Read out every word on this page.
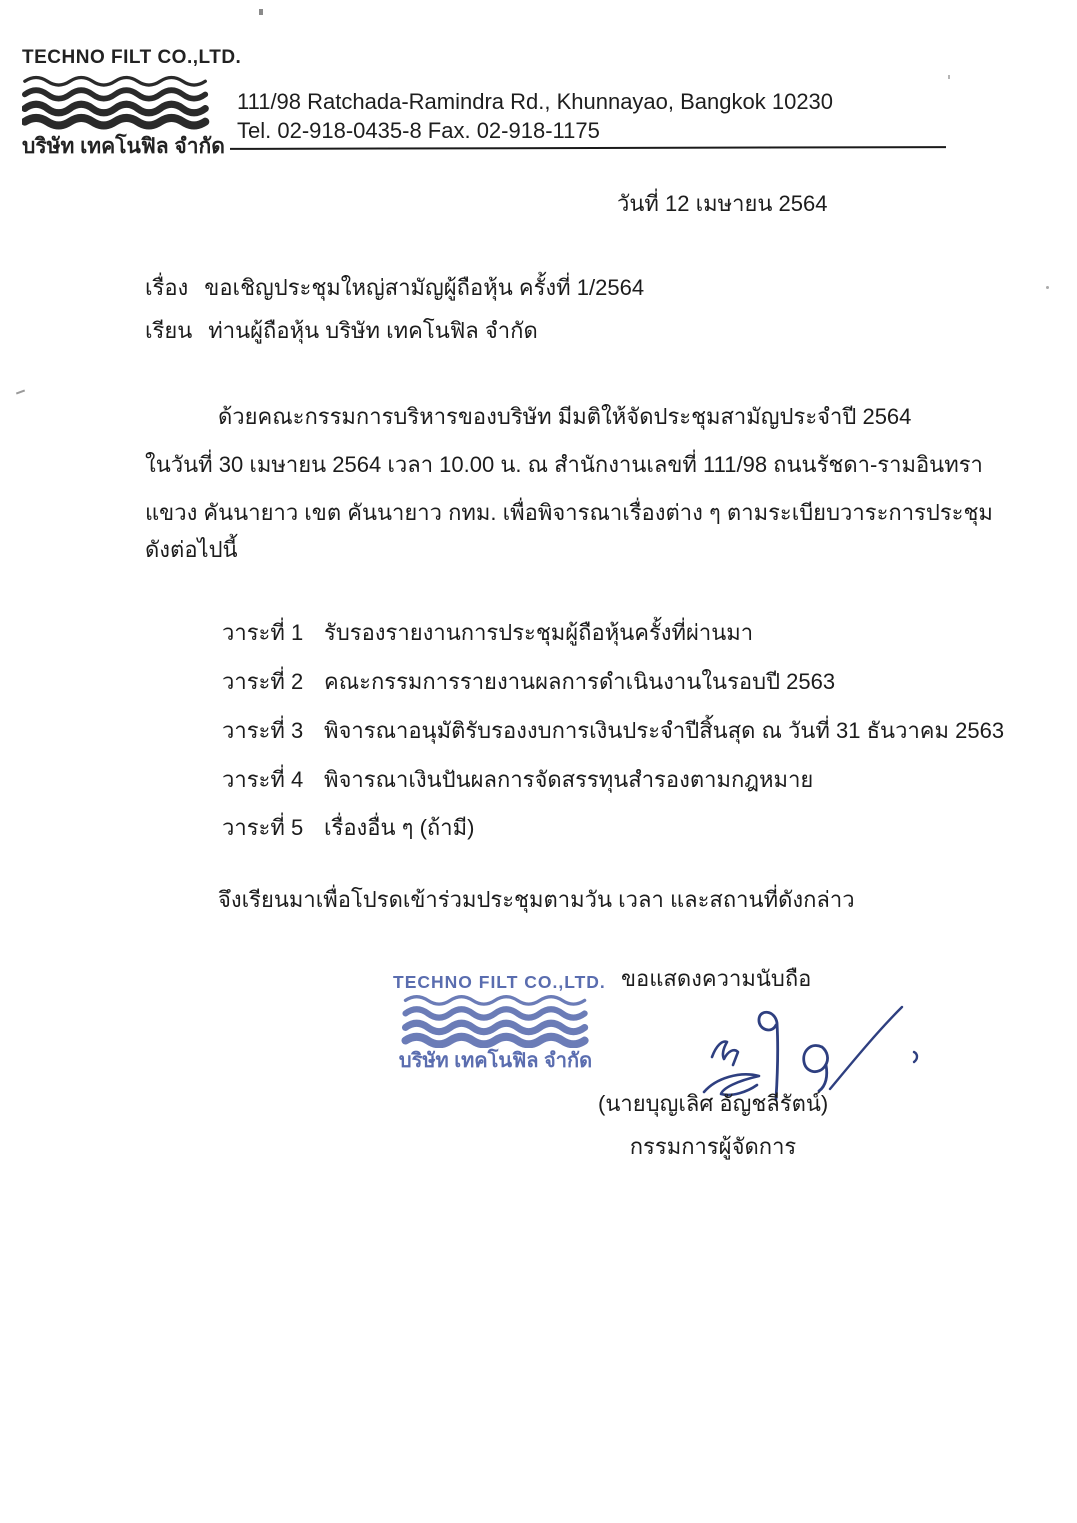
TECHNO FILT CO.,LTD.
บริษัท เทคโนฟิล จำกัด
111/98 Ratchada-Ramindra Rd., Khunnayao, Bangkok 10230
Tel. 02-918-0435-8 Fax. 02-918-1175
วันที่ 12 เมษายน 2564
เรื่อง ขอเชิญประชุมใหญ่สามัญผู้ถือหุ้น ครั้งที่ 1/2564
เรียน ท่านผู้ถือหุ้น บริษัท เทคโนฟิล จำกัด
ด้วยคณะกรรมการบริหารของบริษัท มีมติให้จัดประชุมสามัญประจำปี 2564
ในวันที่ 30 เมษายน 2564 เวลา 10.00 น. ณ สำนักงานเลขที่ 111/98 ถนนรัชดา-รามอินทรา
แขวง คันนายาว เขต คันนายาว กทม. เพื่อพิจารณาเรื่องต่าง ๆ ตามระเบียบวาระการประชุม
ดังต่อไปนี้
วาระที่ 1 รับรองรายงานการประชุมผู้ถือหุ้นครั้งที่ผ่านมา
วาระที่ 2 คณะกรรมการรายงานผลการดำเนินงานในรอบปี 2563
วาระที่ 3 พิจารณาอนุมัติรับรองงบการเงินประจำปีสิ้นสุด ณ วันที่ 31 ธันวาคม 2563
วาระที่ 4 พิจารณาเงินปันผลการจัดสรรทุนสำรองตามกฎหมาย
วาระที่ 5 เรื่องอื่น ๆ (ถ้ามี)
จึงเรียนมาเพื่อโปรดเข้าร่วมประชุมตามวัน เวลา และสถานที่ดังกล่าว
ขอแสดงความนับถือ
TECHNO FILT CO.,LTD.
บริษัท เทคโนฟิล จำกัด
(นายบุญเลิศ อัญชลีรัตน์)
กรรมการผู้จัดการ
